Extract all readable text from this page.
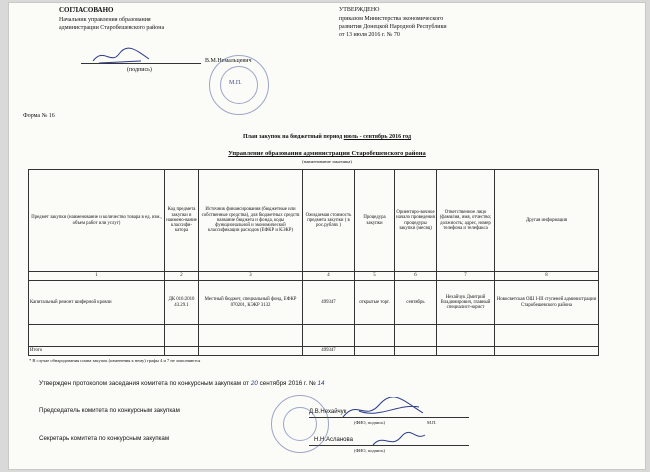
СОГЛАСОВАНО
Начальник управления образования
администрации Старобешевского района
В.М.Немальцевич
(подпись)
УТВЕРЖДЕНО
приказом Министерства экономического
развития Донецкой Народной Республики
от 13 июля 2016 г. № 70
М.П.
Форма № 16
План закупок на бюджетный период июль - сентябрь 2016 год
Управление образования администрации Старобешевского района
(наименование заказчика)
Предмет закупки (наименование и количество товара в ед. изм., объем работ или услуг)	Код предмета закупки и наимено-вание классифи-катора	Источник финансирования (бюджетные или собственные средства), для бюджетных средств название бюджета и фонда, коды функциональной и экономической классификации расходов (ЕФКР и КЭКР)	Ожидаемая стоимость предмета закупки ( в рос.рублях )	Процедура закупки	Ориентиро-вочное начало проведения процедуры закупки (месяц)	Ответственное лицо (фамилия, имя, отчество; должность; адрес, номер телефона и телефакса	Другая информация
1	2	3	4	5	6	7	8
Капитальный ремонт шиферной кровли	ДК 016:2010 43.29.1	Местный бюджет, специальный фонд, ЕФКР 070201, КЭКР 3132	499347	открытые торг.	сентябрь	Нехайчук Дмитрий Владимирович, главный специалист-юрист	Новосветская ОШ I-III ступеней администрации Старобешевского района

Итого			499347				
* В случае обнародования плана закупок (изменения к нему) графы 4 и 7 не заполняются
Утвержден протоколом заседания комитета по конкурсным закупкам от 20 сентября 2016 г. № 14
Председатель комитета по конкурсным закупкам	Д.В.Нехайчук
(ФИО, подпись)	М.П.
Секретарь комитета по конкурсным закупкам	Н.Н.Асланова
(ФИО, подпись)
